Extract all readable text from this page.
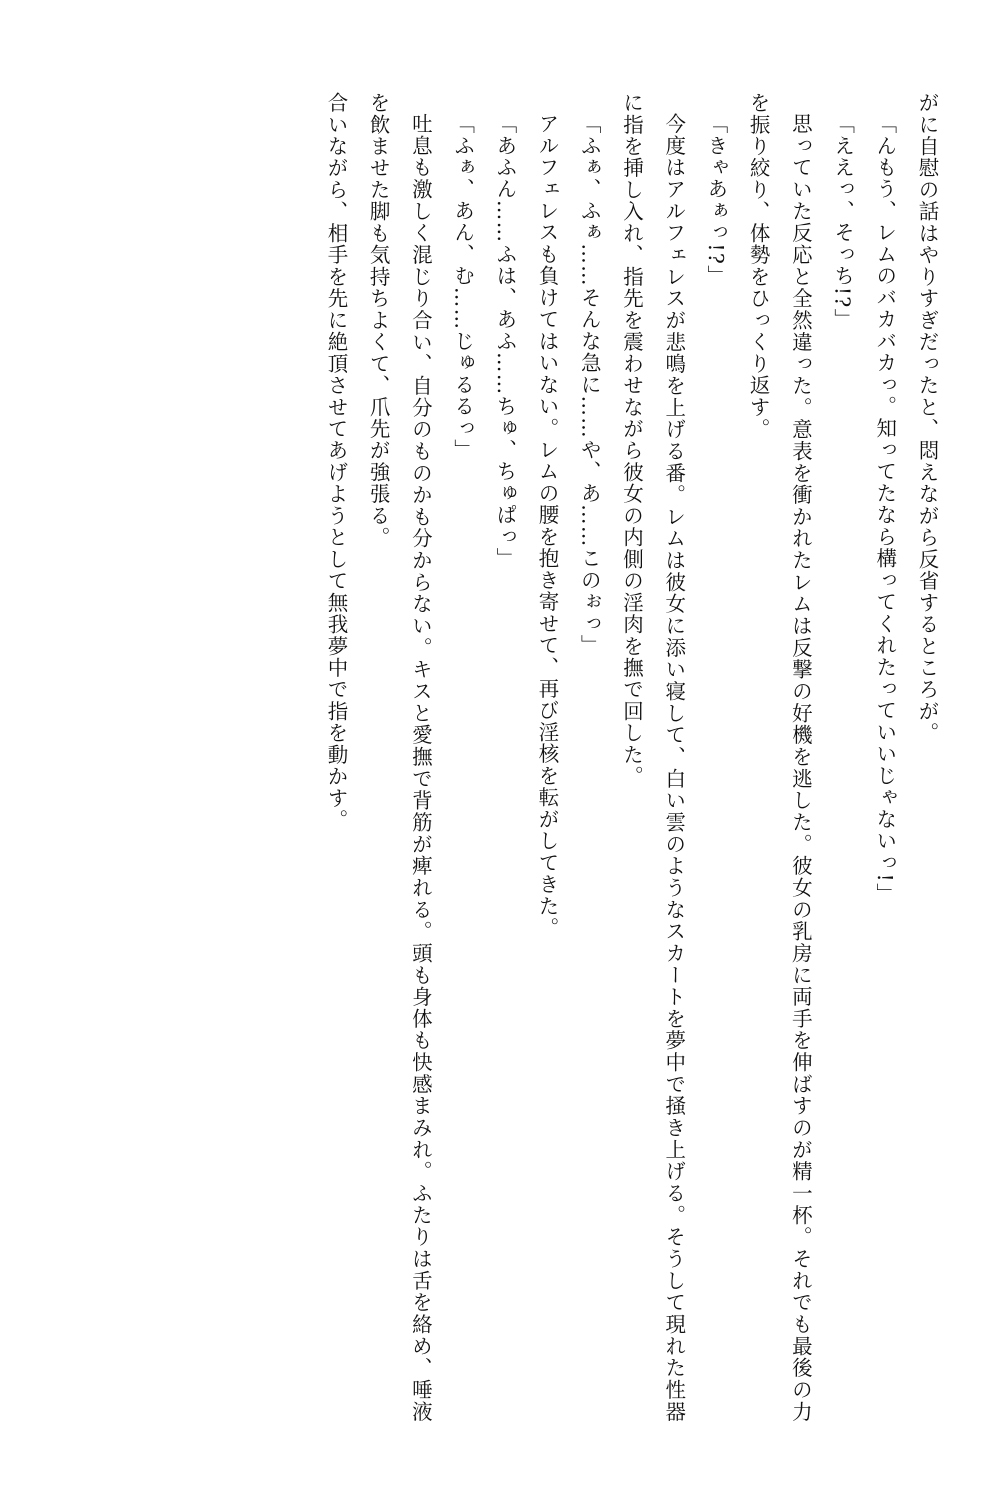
がに自慰の話はやりすぎだったと、悶えながら反省するところが。

「んもう、レムのバカバカっ。知ってたなら構ってくれたっていいじゃないっ!」

「ええっ、そっち!?」

思っていた反応と全然違った。意表を衝かれたレムは反撃の好機を逃した。彼女の乳房に両手を伸ばすのが精一杯。それでも最後の力を振り絞り、体勢をひっくり返す。

「きゃあぁっ!?」

今度はアルフェレスが悲鳴を上げる番。レムは彼女に添い寝して、白い雲のようなスカートを夢中で掻き上げる。そうして現れた性器に指を挿し入れ、指先を震わせながら彼女の内側の淫肉を撫で回した。

「ふぁ、ふぁ……そんな急に……や、あ……このぉっ」

アルフェレスも負けてはいない。レムの腰を抱き寄せて、再び淫核を転がしてきた。

「あふん……ふは、あふ……ちゅ、ちゅぱっ」

「ふぁ、あん、む……じゅるるっ」

吐息も激しく混じり合い、自分のものかも分からない。キスと愛撫で背筋が痺れる。頭も身体も快感まみれ。ふたりは舌を絡め、唾液を飲ませた脚も気持ちよくて、爪先が強張る。

合いながら、相手を先に絶頂させてあげようとして無我夢中で指を動かす。
